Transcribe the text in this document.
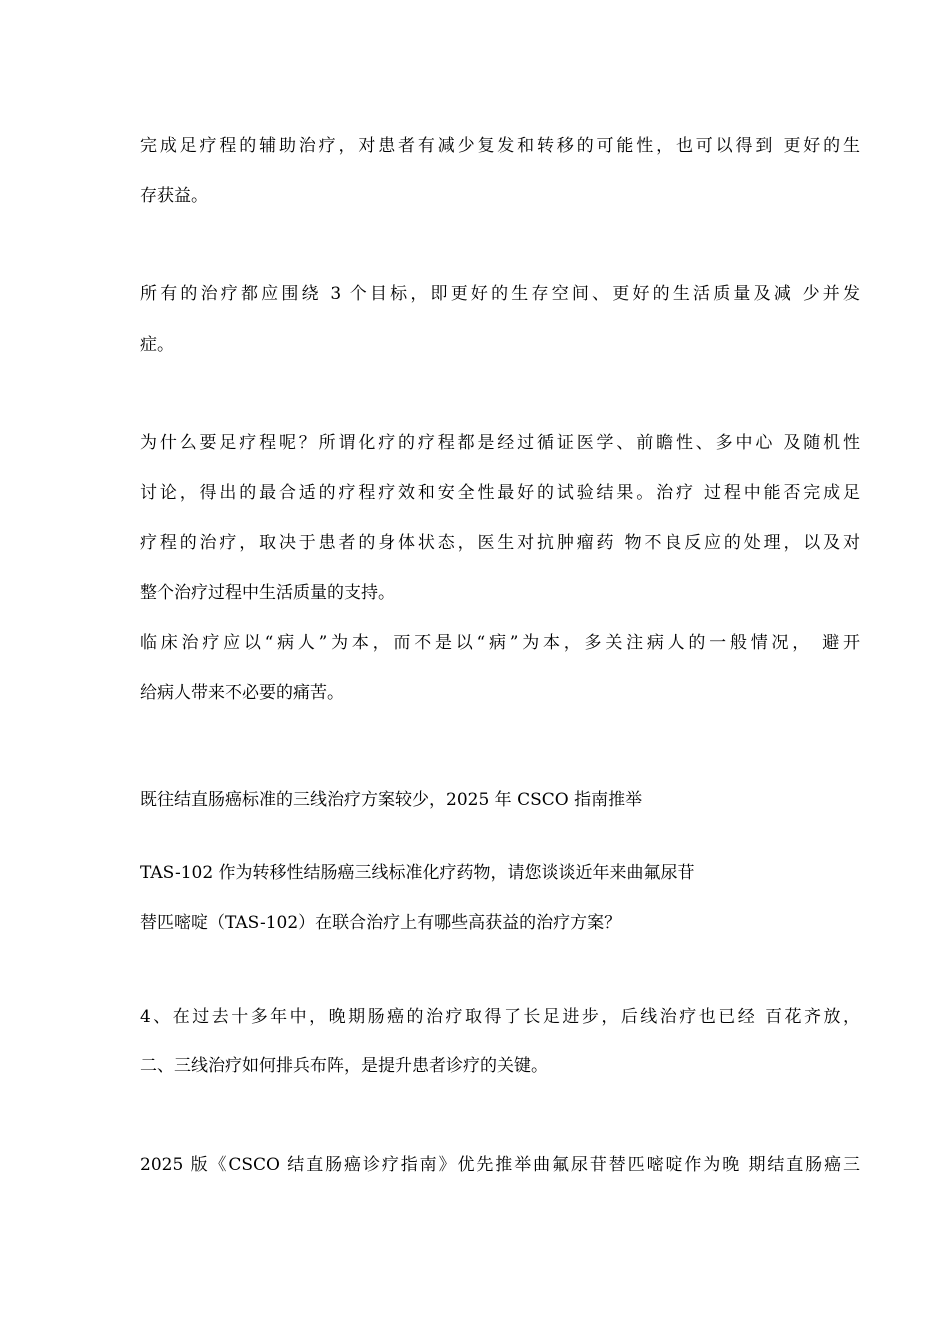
完成足疗程的辅助治疗，对患者有减少复发和转移的可能性，也可以得到 更好的生
存获益。
所有的治疗都应围绕 3 个目标，即更好的生存空间、更好的生活质量及减 少并发
症。
为什么要足疗程呢？所谓化疗的疗程都是经过循证医学、前瞻性、多中心 及随机性
讨论，得出的最合适的疗程疗效和安全性最好的试验结果。治疗 过程中能否完成足
疗程的治疗，取决于患者的身体状态，医生对抗肿瘤药 物不良反应的处理，以及对
整个治疗过程中生活质量的支持。
临床治疗应以“病人”为本，而不是以“病”为本，多关注病人的一般情况， 避开
给病人带来不必要的痛苦。
既往结直肠癌标准的三线治疗方案较少，2025 年 CSCO 指南推举
TAS-102 作为转移性结肠癌三线标准化疗药物，请您谈谈近年来曲氟尿苷
替匹嘧啶（TAS-102）在联合治疗上有哪些高获益的治疗方案？
4、在过去十多年中，晚期肠癌的治疗取得了长足进步，后线治疗也已经 百花齐放，
二、三线治疗如何排兵布阵，是提升患者诊疗的关键。
2025 版《CSCO 结直肠癌诊疗指南》优先推举曲氟尿苷替匹嘧啶作为晚 期结直肠癌三
